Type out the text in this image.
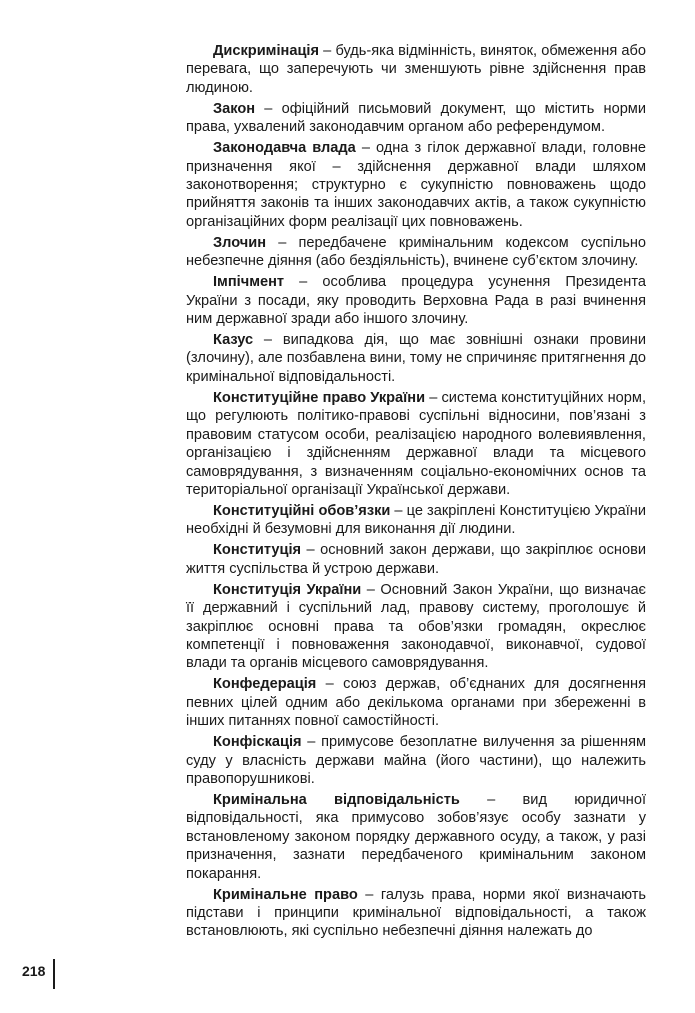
Дискримінація – будь-яка відмінність, виняток, обмеження або перевага, що заперечують чи зменшують рівне здійснення прав людиною.

Закон – офіційний письмовий документ, що містить норми права, ухвалений законодавчим органом або референдумом.

Законодавча влада – одна з гілок державної влади, головне призначення якої – здійснення державної влади шляхом законотворення; структурно є сукупністю повноважень щодо прийняття законів та інших законодавчих актів, а також сукупністю організаційних форм реалізації цих повноважень.

Злочин – передбачене кримінальним кодексом суспільно небезпечне діяння (або бездіяльність), вчинене суб’єктом злочину.

Імпічмент – особлива процедура усунення Президента України з посади, яку проводить Верховна Рада в разі вчинення ним державної зради або іншого злочину.

Казус – випадкова дія, що має зовнішні ознаки провини (злочину), але позбавлена вини, тому не спричиняє притягнення до кримінальної відповідальності.

Конституційне право України – система конституційних норм, що регулюють політико-правові суспільні відносини, пов’язані з правовим статусом особи, реалізацією народного волевиявлення, організацією і здійсненням державної влади та місцевого самоврядування, з визначенням соціально-економічних основ та територіальної організації Української держави.

Конституційні обов’язки – це закріплені Конституцією України необхідні й безумовні для виконання дії людини.

Конституція – основний закон держави, що закріплює основи життя суспільства й устрою держави.

Конституція України – Основний Закон України, що визначає її державний і суспільний лад, правову систему, проголошує й закріплює основні права та обов’язки громадян, окреслює компетенції і повноваження законодавчої, виконавчої, судової влади та органів місцевого самоврядування.

Конфедерація – союз держав, об’єднаних для досягнення певних цілей одним або декількома органами при збереженні в інших питаннях повної самостійності.

Конфіскація – примусове безоплатне вилучення за рішенням суду у власність держави майна (його частини), що належить правопорушникові.

Кримінальна відповідальність – вид юридичної відповідальності, яка примусово зобов’язує особу зазнати у встановленому законом порядку державного осуду, а також, у разі призначення, зазнати передбаченого кримінальним законом покарання.

Кримінальне право – галузь права, норми якої визначають підстави і принципи кримінальної відповідальності, а також встановлюють, які суспільно небезпечні діяння належать до

218
